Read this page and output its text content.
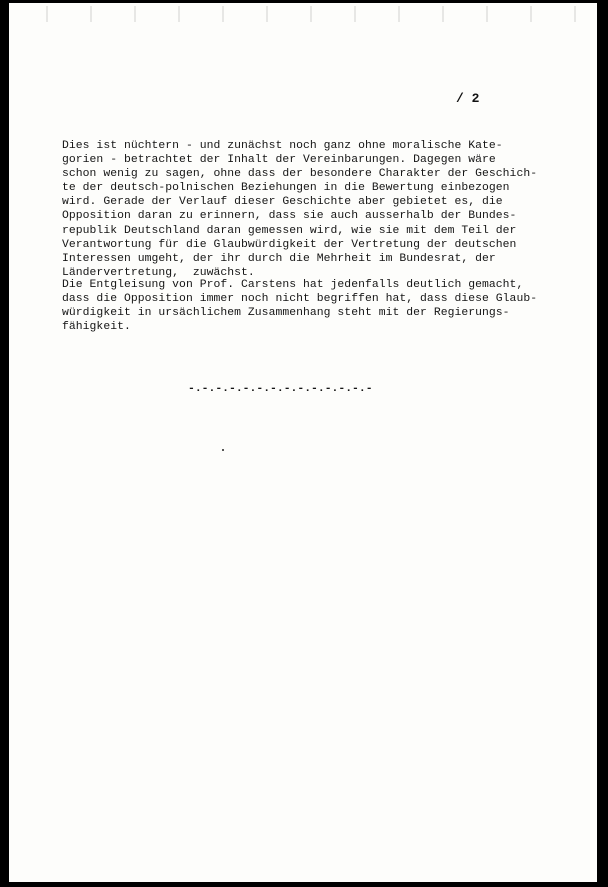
/ 2
Dies ist nüchtern - und zunächst noch ganz ohne moralische Kate-
gorien - betrachtet der Inhalt der Vereinbarungen. Dagegen wäre
schon wenig zu sagen, ohne dass der besondere Charakter der Geschich-
te der deutsch-polnischen Beziehungen in die Bewertung einbezogen
wird. Gerade der Verlauf dieser Geschichte aber gebietet es, die
Opposition daran zu erinnern, dass sie auch ausserhalb der Bundes-
republik Deutschland daran gemessen wird, wie sie mit dem Teil der
Verantwortung für die Glaubwürdigkeit der Vertretung der deutschen
Interessen umgeht, der ihr durch die Mehrheit im Bundesrat, der
Ländervertretung,  zuwächst.
Die Entgleisung von Prof. Carstens hat jedenfalls deutlich gemacht,
dass die Opposition immer noch nicht begriffen hat, dass diese Glaub-
würdigkeit in ursächlichem Zusammenhang steht mit der Regierungs-
fähigkeit.
-.-.-.-.-.-.-.-.-.-.-.-.-.-
